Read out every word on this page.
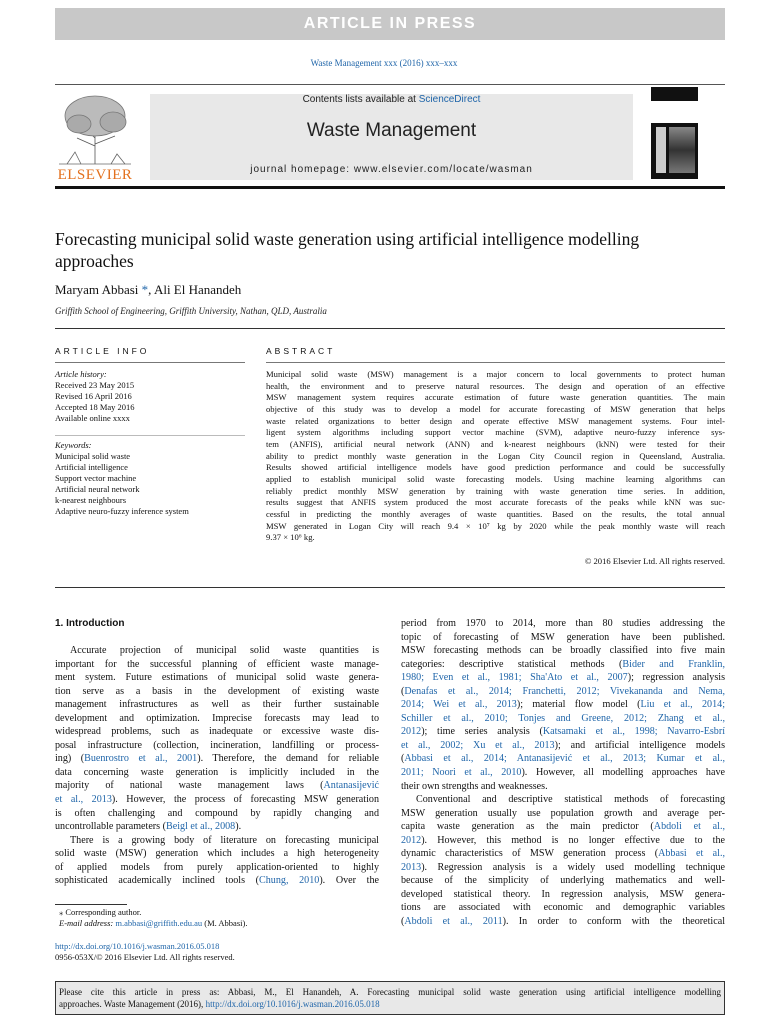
ARTICLE IN PRESS
Waste Management xxx (2016) xxx–xxx
ELSEVIER
Contents lists available at ScienceDirect
Waste Management
journal homepage: www.elsevier.com/locate/wasman
Forecasting municipal solid waste generation using artificial intelligence modelling approaches
Maryam Abbasi *, Ali El Hanandeh
Griffith School of Engineering, Griffith University, Nathan, QLD, Australia
ARTICLE INFO	ABSTRACT
Article history:
Received 23 May 2015
Revised 16 April 2016
Accepted 18 May 2016
Available online xxxx
Keywords:
Municipal solid waste
Artificial intelligence
Support vector machine
Artificial neural network
k-nearest neighbours
Adaptive neuro-fuzzy inference system
Municipal solid waste (MSW) management is a major concern to local governments to protect human
health, the environment and to preserve natural resources. The design and operation of an effective
MSW management system requires accurate estimation of future waste generation quantities. The main
objective of this study was to develop a model for accurate forecasting of MSW generation that helps
waste related organizations to better design and operate effective MSW management systems. Four intel-
ligent system algorithms including support vector machine (SVM), adaptive neuro-fuzzy inference sys-
tem (ANFIS), artificial neural network (ANN) and k-nearest neighbours (kNN) were tested for their
ability to predict monthly waste generation in the Logan City Council region in Queensland, Australia.
Results showed artificial intelligence models have good prediction performance and could be successfully
applied to establish municipal solid waste forecasting models. Using machine learning algorithms can
reliably predict monthly MSW generation by training with waste generation time series. In addition,
results suggest that ANFIS system produced the most accurate forecasts of the peaks while kNN was suc-
cessful in predicting the monthly averages of waste quantities. Based on the results, the total annual
MSW generated in Logan City will reach 9.4 × 10⁷ kg by 2020 while the peak monthly waste will reach
9.37 × 10⁶ kg.
© 2016 Elsevier Ltd. All rights reserved.
1. Introduction
Accurate projection of municipal solid waste quantities is
important for the successful planning of efficient waste manage-
ment system. Future estimations of municipal solid waste genera-
tion serve as a basis in the development of existing waste
management infrastructures as well as their further sustainable
development and optimization. Imprecise forecasts may lead to
widespread problems, such as inadequate or excessive waste dis-
posal infrastructure (collection, incineration, landfilling or process-
ing) (Buenrostro et al., 2001). Therefore, the demand for reliable
data concerning waste generation is implicitly included in the
majority of national waste management laws (Antanasijević
et al., 2013). However, the process of forecasting MSW generation
is often challenging and compound by rapidly changing and
uncontrollable parameters (Beigl et al., 2008).
There is a growing body of literature on forecasting municipal
solid waste (MSW) generation which includes a high heterogeneity
of applied models from purely application-oriented to highly
sophisticated academically inclined tools (Chung, 2010). Over the
period from 1970 to 2014, more than 80 studies addressing the
topic of forecasting of MSW generation have been published.
MSW forecasting methods can be broadly classified into five main
categories: descriptive statistical methods (Bider and Franklin,
1980; Even et al., 1981; Sha'Ato et al., 2007); regression analysis
(Denafas et al., 2014; Franchetti, 2012; Vivekananda and Nema,
2014; Wei et al., 2013); material flow model (Liu et al., 2014;
Schiller et al., 2010; Tonjes and Greene, 2012; Zhang et al.,
2012); time series analysis (Katsamaki et al., 1998; Navarro-Esbrí
et al., 2002; Xu et al., 2013); and artificial intelligence models
(Abbasi et al., 2014; Antanasijević et al., 2013; Kumar et al.,
2011; Noori et al., 2010). However, all modelling approaches have
their own strengths and weaknesses.
Conventional and descriptive statistical methods of forecasting
MSW generation usually use population growth and average per-
capita waste generation as the main predictor (Abdoli et al.,
2012). However, this method is no longer effective due to the
dynamic characteristics of MSW generation process (Abbasi et al.,
2013). Regression analysis is a widely used modelling technique
because of the simplicity of underlying mathematics and well-
developed statistical theory. In regression analysis, MSW genera-
tions are associated with economic and demographic variables
(Abdoli et al., 2011). In order to conform with the theoretical
⁎ Corresponding author.
E-mail address: m.abbasi@griffith.edu.au (M. Abbasi).
http://dx.doi.org/10.1016/j.wasman.2016.05.018
0956-053X/© 2016 Elsevier Ltd. All rights reserved.
Please cite this article in press as: Abbasi, M., El Hanandeh, A. Forecasting municipal solid waste generation using artificial intelligence modelling
approaches. Waste Management (2016), http://dx.doi.org/10.1016/j.wasman.2016.05.018
